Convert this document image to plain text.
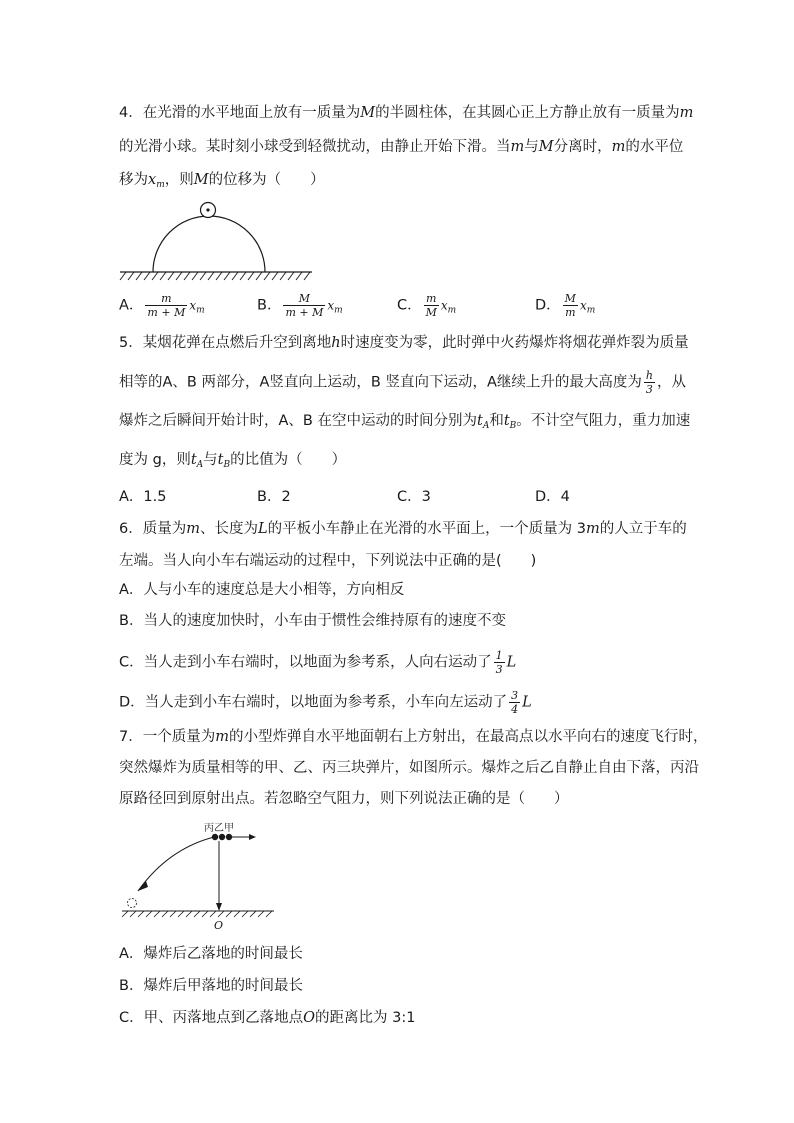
4．在光滑的水平地面上放有一质量为M的半圆柱体，在其圆心正上方静止放有一质量为m
的光滑小球。某时刻小球受到轻微扰动，由静止开始下滑。当m与M分离时，m的水平位
移为$x_m$，则M的位移为（　　）
A． $\frac{m}{m + M} x_m$	B． $\frac{M}{m + M} x_m$	C． $\frac{m}{M} x_m$	D． $\frac{M}{m} x_m$
5．某烟花弹在点燃后升空到离地h时速度变为零，此时弹中火药爆炸将烟花弹炸裂为质量
相等的A、B 两部分，A竖直向上运动，B 竖直向下运动，A继续上升的最大高度为 $\frac{h}{3}$ ，从
爆炸之后瞬间开始计时，A、B 在空中运动的时间分别为$t_A$和$t_B$。不计空气阻力，重力加速
度为 g，则$t_A$与$t_B$的比值为（　　）
A．1.5	B．2	C．3	D．4
6．质量为m、长度为L的平板小车静止在光滑的水平面上，一个质量为 3m的人立于车的
左端。当人向小车右端运动的过程中，下列说法中正确的是(　　)
A．人与小车的速度总是大小相等，方向相反
B．当人的速度加快时，小车由于惯性会维持原有的速度不变
C．当人走到小车右端时，以地面为参考系，人向右运动了 $\frac{1}{3}$ L
D．当人走到小车右端时，以地面为参考系，小车向左运动了 $\frac{3}{4}$ L
7．一个质量为m的小型炸弹自水平地面朝右上方射出，在最高点以水平向右的速度飞行时，
突然爆炸为质量相等的甲、乙、丙三块弹片，如图所示。爆炸之后乙自静止自由下落，丙沿
原路径回到原射出点。若忽略空气阻力，则下列说法正确的是（　　）
丙乙甲
O
A．爆炸后乙落地的时间最长
B．爆炸后甲落地的时间最长
C．甲、丙落地点到乙落地点O的距离比为 3:1
